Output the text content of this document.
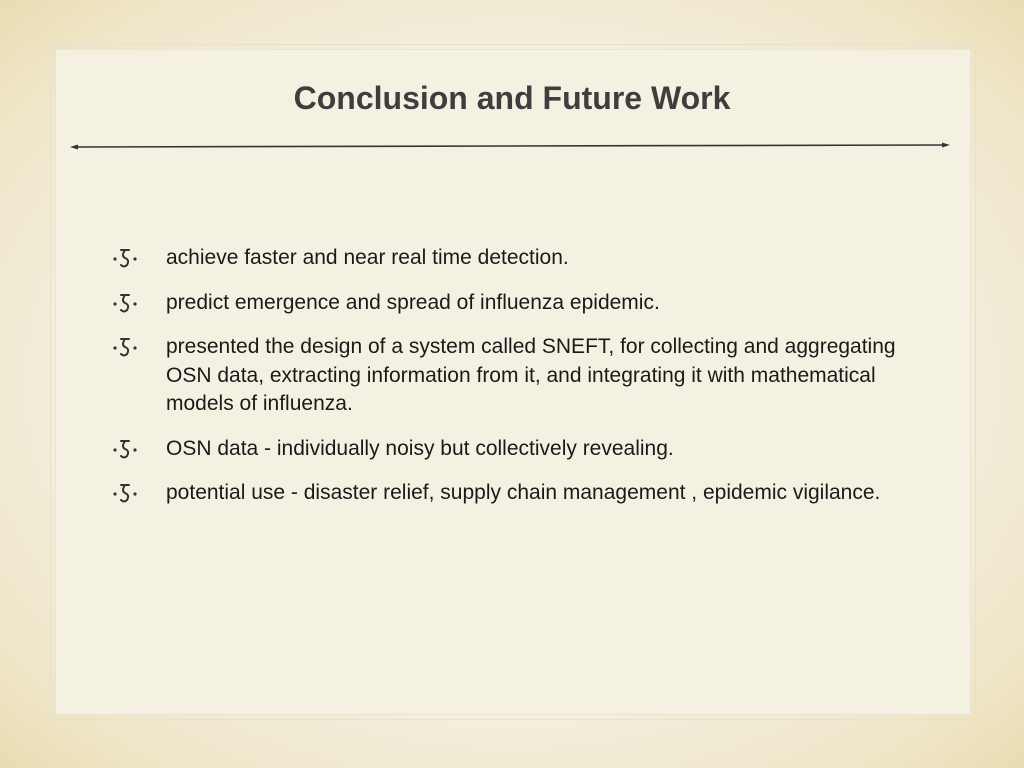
Conclusion and Future Work
achieve faster and near real time detection.
predict emergence and spread of influenza epidemic.
presented the design of a system called SNEFT, for collecting and aggregating OSN data, extracting information from it, and integrating it with mathematical models of influenza.
OSN data - individually noisy but collectively revealing.
potential use - disaster relief, supply chain management , epidemic vigilance.
